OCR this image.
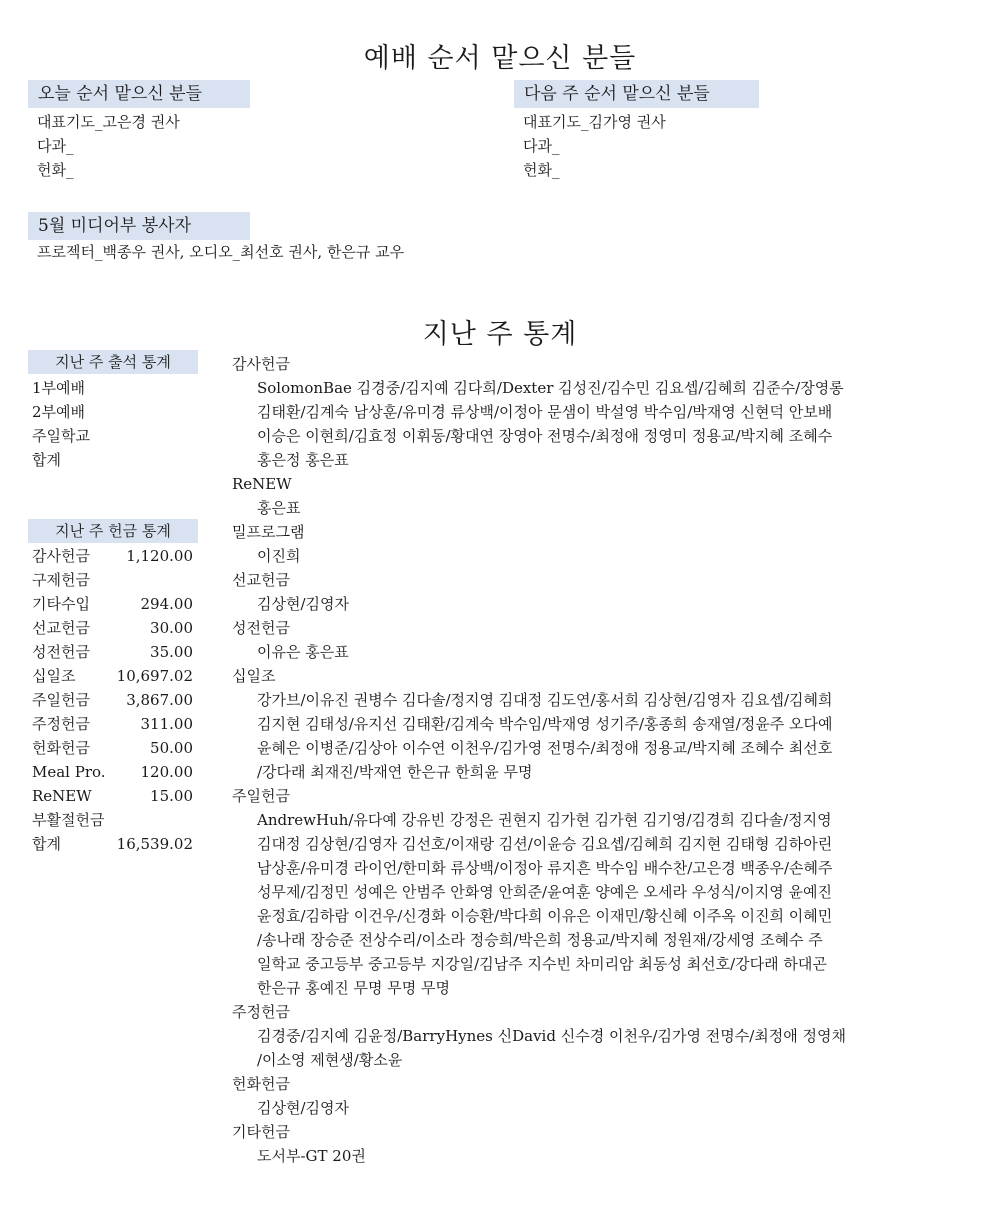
예배 순서 맡으신 분들
오늘 순서 맡으신 분들
대표기도_고은경 권사
다과_
헌화_
다음 주 순서 맡으신 분들
대표기도_김가영 권사
다과_
헌화_
5월 미디어부 봉사자
프로젝터_백종우 권사, 오디오_최선호 권사, 한은규 교우
지난 주 통계
지난 주 출석 통계
1부예배
2부예배
주일학교
합계
지난 주 헌금 통계
감사헌금 1,120.00
구제헌금
기타수입	294.00
선교헌금	30.00
성전헌금	35.00
십일조	10,697.02
주일헌금 3,867.00
주정헌금	311.00
헌화헌금	50.00
Meal Pro. 120.00
ReNEW	15.00
부활절헌금
합계	16,539.02
감사헌금
SolomonBae 김경중/김지예 김다희/Dexter 김성진/김수민 김요셉/김혜희 김준수/장영롱
김태환/김계숙 남상훈/유미경 류상백/이정아 문샘이 박설영 박수임/박재영 신현덕 안보배
이승은 이현희/김효정 이휘동/황대연 장영아 전명수/최정애 정영미 정용교/박지혜 조혜수
홍은정 홍은표
ReNEW
홍은표
밀프로그램
이진희
선교헌금
김상현/김영자
성전헌금
이유은 홍은표
십일조
강가브/이유진 권병수 김다솔/정지영 김대정 김도연/홍서희 김상현/김영자 김요셉/김혜희
김지현 김태성/유지선 김태환/김계숙 박수임/박재영 성기주/홍종희 송재열/정윤주 오다예
윤혜은 이병준/김상아 이수연 이천우/김가영 전명수/최정애 정용교/박지혜 조혜수 최선호
/강다래 최재진/박재연 한은규 한희윤 무명
주일헌금
AndrewHuh/유다예 강유빈 강정은 권현지 김가현 김가현 김기영/김경희 김다솔/정지영
김대정 김상현/김영자 김선호/이재랑 김션/이윤승 김요셉/김혜희 김지현 김태형 김하아린
남상훈/유미경 라이언/한미화 류상백/이정아 류지흔 박수임 배수찬/고은경 백종우/손혜주
성무제/김정민 성예은 안범주 안화영 안희준/윤여훈 양예은 오세라 우성식/이지영 윤예진
윤정효/김하람 이건우/신경화 이승환/박다희 이유은 이재민/황신혜 이주옥 이진희 이혜민
/송나래 장승준 전상수리/이소라 정승희/박은희 정용교/박지혜 정원재/강세영 조혜수 주
일학교 중고등부 중고등부 지강일/김남주 지수빈 차미리암 최동성 최선호/강다래 하대곤
한은규 홍예진 무명 무명 무명
주정헌금
김경중/김지예 김윤정/BarryHynes 신David 신수경 이천우/김가영 전명수/최정애 정영채
/이소영 제현생/황소윤
헌화헌금
김상현/김영자
기타헌금
도서부-GT 20권
